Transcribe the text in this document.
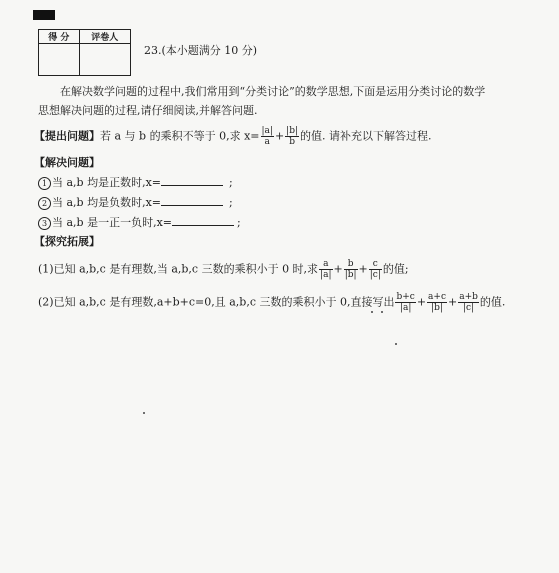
得 分	评卷人

23.(本小题满分 10 分)
在解决数学问题的过程中,我们常用到“分类讨论”的数学思想,下面是运用分类讨论的数学
思想解决问题的过程,请仔细阅读,并解答问题.
【提出问题】若 a 与 b 的乘积不等于 0,求 $x= \frac{|a|}{a} + \frac{|b|}{b}$ 的值. 请补充以下解答过程.
【解决问题】
1 当 a,b 均是正数时,x=	;
2 当 a,b 均是负数时,x=	;
3 当 a,b 是一正一负时,x=	;
【探究拓展】
(1)已知 a,b,c 是有理数,当 a,b,c 三数的乘积小于 0 时,求 $\frac{a}{|a|} + \frac{b}{|b|} + \frac{c}{|c|}$ 的值;
(2)已知 a,b,c 是有理数,a+b+c=0,且 a,b,c 三数的乘积小于 0,直接写出 $\frac{b+c}{|a|} + \frac{a+c}{|b|} + \frac{a+b}{|c|}$ 的值.
